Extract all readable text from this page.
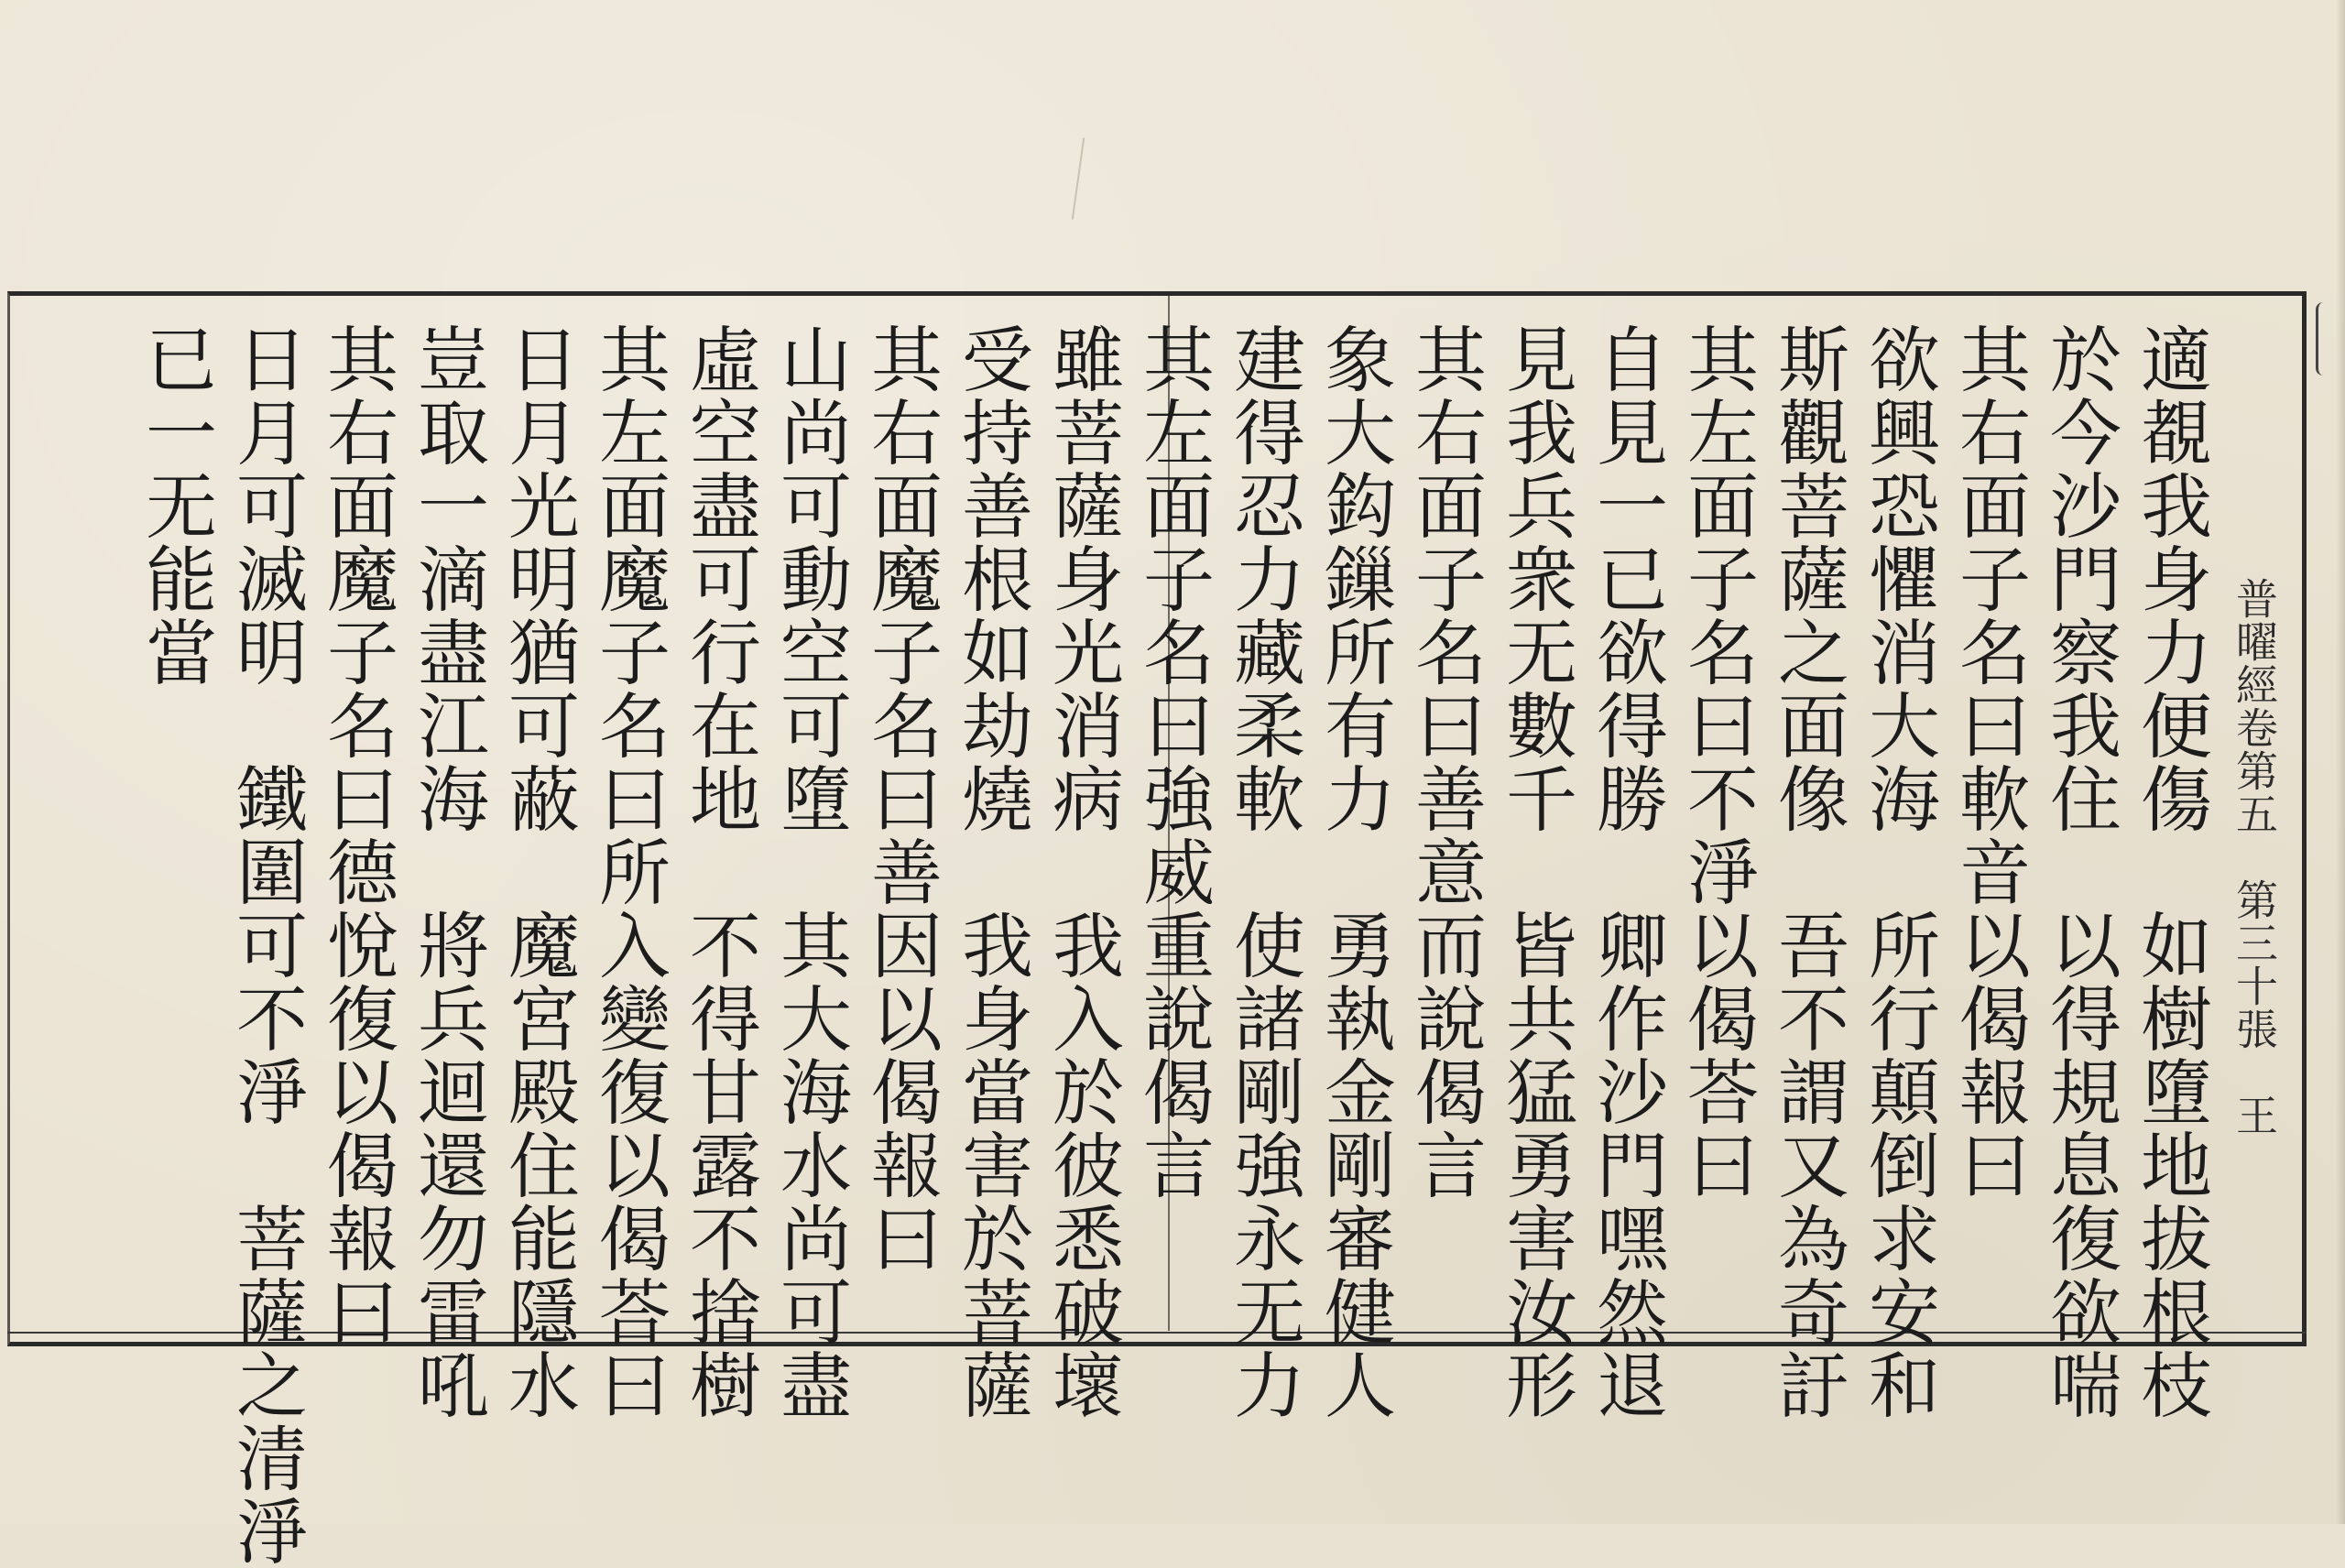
普曜經卷第五　第三十張　王
適覩我身力便傷　如樹墮地拔根枝
於今沙門察我住　以得規息復欲喘
其右面子名曰軟音以偈報曰
欲興恐懼消大海　所行顛倒求安和
斯觀菩薩之面像　吾不謂又為奇訏
其左面子名曰不淨以偈荅曰
自見一已欲得勝　卿作沙門嘿然退
見我兵衆无數千　皆共猛勇害汝形
其右面子名曰善意而說偈言
象大鈎鏁所有力　勇執金剛審健人
建得忍力藏柔軟　使諸剛強永无力
其左面子名曰強威重說偈言
雖菩薩身光消病　我入於彼悉破壞
受持善根如劫燒　我身當害於菩薩
其右面魔子名曰善因以偈報曰
山尚可動空可墮　其大海水尚可盡
虛空盡可行在地　不得甘露不捨樹
其左面魔子名曰所入變復以偈荅曰
日月光明猶可蔽　魔宮殿住能隱水
豈取一滴盡江海　將兵迴還勿雷吼
其右面魔子名曰德悅復以偈報曰
日月可滅明　鐵圍可不淨　菩薩之清淨
已一无能當
